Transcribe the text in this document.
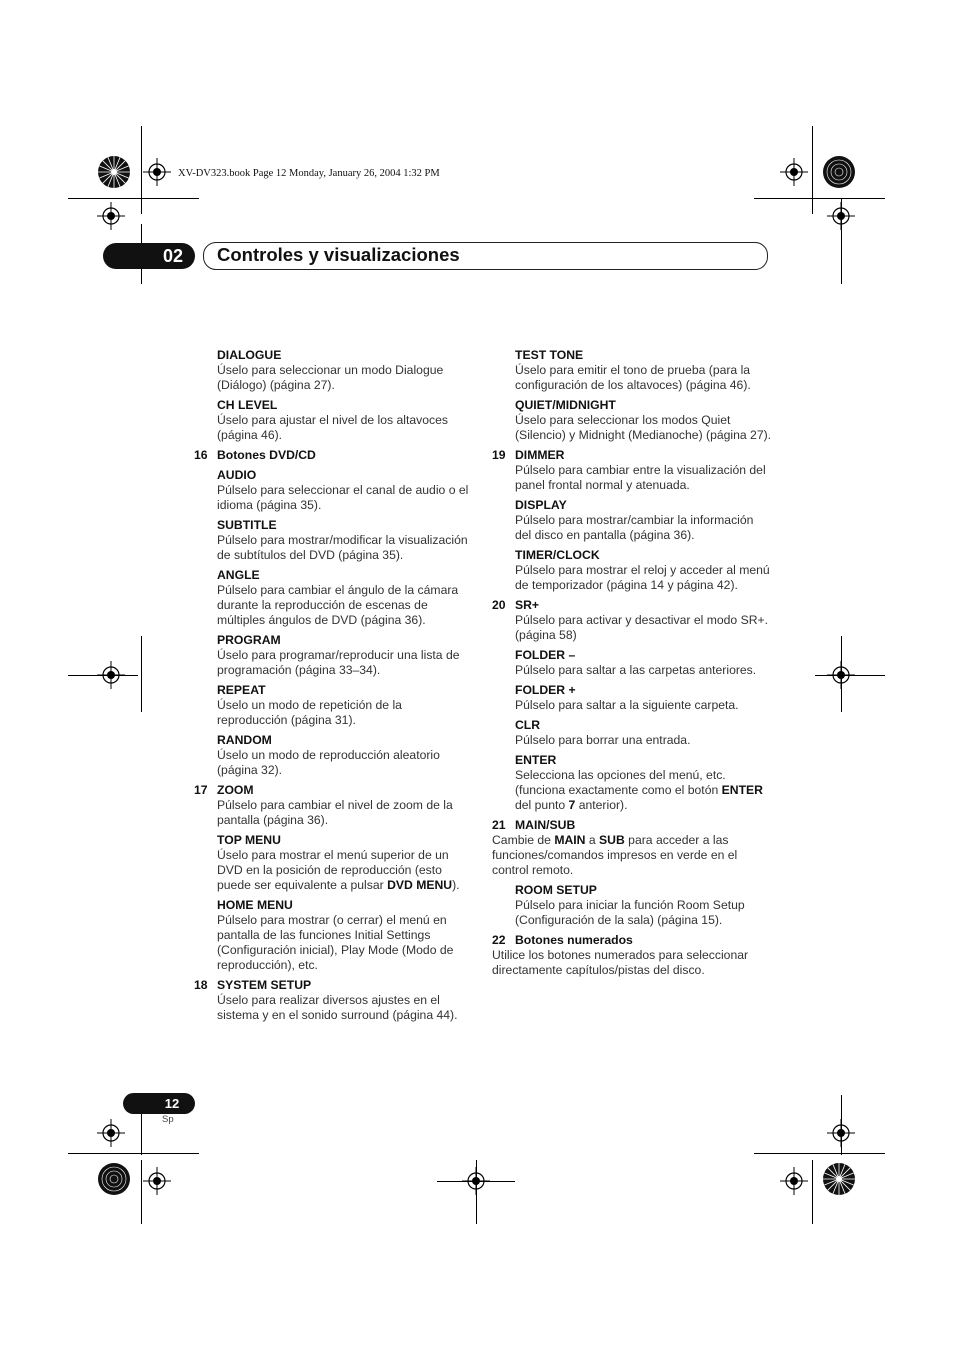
XV-DV323.book Page 12 Monday, January 26, 2004 1:32 PM
02 Controles y visualizaciones
DIALOGUE
Úselo para seleccionar un modo Dialogue (Diálogo) (página 27).
CH LEVEL
Úselo para ajustar el nivel de los altavoces (página 46).
16 Botones DVD/CD
AUDIO
Púlselo para seleccionar el canal de audio o el idioma (página 35).
SUBTITLE
Púlselo para mostrar/modificar la visualización de subtítulos del DVD (página 35).
ANGLE
Púlselo para cambiar el ángulo de la cámara durante la reproducción de escenas de múltiples ángulos de DVD (página 36).
PROGRAM
Úselo para programar/reproducir una lista de programación (página 33–34).
REPEAT
Úselo un modo de repetición de la reproducción (página 31).
RANDOM
Úselo un modo de reproducción aleatorio (página 32).
17 ZOOM
Púlselo para cambiar el nivel de zoom de la pantalla (página 36).
TOP MENU
Úselo para mostrar el menú superior de un DVD en la posición de reproducción (esto puede ser equivalente a pulsar DVD MENU).
HOME MENU
Púlselo para mostrar (o cerrar) el menú en pantalla de las funciones Initial Settings (Configuración inicial), Play Mode (Modo de reproducción), etc.
18 SYSTEM SETUP
Úselo para realizar diversos ajustes en el sistema y en el sonido surround (página 44).
TEST TONE
Úselo para emitir el tono de prueba (para la configuración de los altavoces) (página 46).
QUIET/MIDNIGHT
Úselo para seleccionar los modos Quiet (Silencio) y Midnight (Medianoche) (página 27).
19 DIMMER
Púlselo para cambiar entre la visualización del panel frontal normal y atenuada.
DISPLAY
Púlselo para mostrar/cambiar la información del disco en pantalla (página 36).
TIMER/CLOCK
Púlselo para mostrar el reloj y acceder al menú de temporizador (página 14 y página 42).
20 SR+
Púlselo para activar y desactivar el modo SR+. (página 58)
FOLDER –
Púlselo para saltar a las carpetas anteriores.
FOLDER +
Púlselo para saltar a la siguiente carpeta.
CLR
Púlselo para borrar una entrada.
ENTER
Selecciona las opciones del menú, etc. (funciona exactamente como el botón ENTER del punto 7 anterior).
21 MAIN/SUB
Cambie de MAIN a SUB para acceder a las funciones/comandos impresos en verde en el control remoto.
ROOM SETUP
Púlselo para iniciar la función Room Setup (Configuración de la sala) (página 15).
22 Botones numerados
Utilice los botones numerados para seleccionar directamente capítulos/pistas del disco.
12
Sp
